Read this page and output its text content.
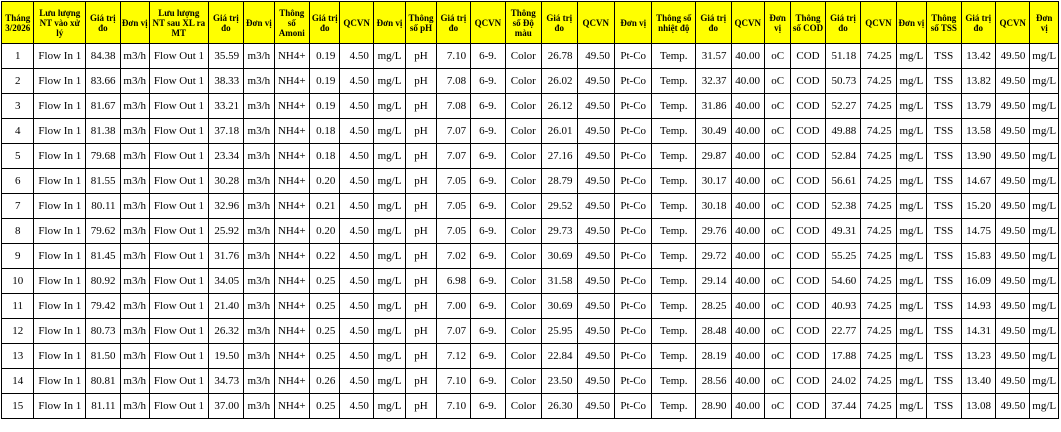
Tháng 3/2026	Lưu lượng NT vào xử lý	Giá trị đo	Đơn vị	Lưu lượng NT sau XL ra MT	Giá trị đo	Đơn vị	Thông số Amoni	Giá trị đo	QCVN	Đơn vị	Thông số pH	Giá trị đo	QCVN	Thông số Độ màu	Giá trị đo	QCVN	Đơn vị	Thông số nhiệt độ	Giá trị đo	QCVN	Đơn vị	Thông số COD	Giá trị đo	QCVN	Đơn vị	Thông số TSS	Giá trị đo	QCVN	Đơn vị
1	Flow In 1	84.38	m3/h	Flow Out 1	35.59	m3/h	NH4+	0.19	4.50	mg/L	pH	7.10	6-9.	Color	26.78	49.50	Pt-Co	Temp.	31.57	40.00	oC	COD	51.18	74.25	mg/L	TSS	13.42	49.50	mg/L
2	Flow In 1	83.66	m3/h	Flow Out 1	38.33	m3/h	NH4+	0.19	4.50	mg/L	pH	7.08	6-9.	Color	26.02	49.50	Pt-Co	Temp.	32.37	40.00	oC	COD	50.73	74.25	mg/L	TSS	13.82	49.50	mg/L
3	Flow In 1	81.67	m3/h	Flow Out 1	33.21	m3/h	NH4+	0.19	4.50	mg/L	pH	7.08	6-9.	Color	26.12	49.50	Pt-Co	Temp.	31.86	40.00	oC	COD	52.27	74.25	mg/L	TSS	13.79	49.50	mg/L
4	Flow In 1	81.38	m3/h	Flow Out 1	37.18	m3/h	NH4+	0.18	4.50	mg/L	pH	7.07	6-9.	Color	26.01	49.50	Pt-Co	Temp.	30.49	40.00	oC	COD	49.88	74.25	mg/L	TSS	13.58	49.50	mg/L
5	Flow In 1	79.68	m3/h	Flow Out 1	23.34	m3/h	NH4+	0.18	4.50	mg/L	pH	7.07	6-9.	Color	27.16	49.50	Pt-Co	Temp.	29.87	40.00	oC	COD	52.84	74.25	mg/L	TSS	13.90	49.50	mg/L
6	Flow In 1	81.55	m3/h	Flow Out 1	30.28	m3/h	NH4+	0.20	4.50	mg/L	pH	7.05	6-9.	Color	28.79	49.50	Pt-Co	Temp.	30.17	40.00	oC	COD	56.61	74.25	mg/L	TSS	14.67	49.50	mg/L
7	Flow In 1	80.11	m3/h	Flow Out 1	32.96	m3/h	NH4+	0.21	4.50	mg/L	pH	7.05	6-9.	Color	29.52	49.50	Pt-Co	Temp.	30.18	40.00	oC	COD	52.38	74.25	mg/L	TSS	15.20	49.50	mg/L
8	Flow In 1	79.62	m3/h	Flow Out 1	25.92	m3/h	NH4+	0.20	4.50	mg/L	pH	7.05	6-9.	Color	29.73	49.50	Pt-Co	Temp.	29.76	40.00	oC	COD	49.31	74.25	mg/L	TSS	14.75	49.50	mg/L
9	Flow In 1	81.45	m3/h	Flow Out 1	31.76	m3/h	NH4+	0.22	4.50	mg/L	pH	7.02	6-9.	Color	30.69	49.50	Pt-Co	Temp.	29.72	40.00	oC	COD	55.25	74.25	mg/L	TSS	15.83	49.50	mg/L
10	Flow In 1	80.92	m3/h	Flow Out 1	34.05	m3/h	NH4+	0.25	4.50	mg/L	pH	6.98	6-9.	Color	31.58	49.50	Pt-Co	Temp.	29.14	40.00	oC	COD	54.60	74.25	mg/L	TSS	16.09	49.50	mg/L
11	Flow In 1	79.42	m3/h	Flow Out 1	21.40	m3/h	NH4+	0.25	4.50	mg/L	pH	7.00	6-9.	Color	30.69	49.50	Pt-Co	Temp.	28.25	40.00	oC	COD	40.93	74.25	mg/L	TSS	14.93	49.50	mg/L
12	Flow In 1	80.73	m3/h	Flow Out 1	26.32	m3/h	NH4+	0.25	4.50	mg/L	pH	7.07	6-9.	Color	25.95	49.50	Pt-Co	Temp.	28.48	40.00	oC	COD	22.77	74.25	mg/L	TSS	14.31	49.50	mg/L
13	Flow In 1	81.50	m3/h	Flow Out 1	19.50	m3/h	NH4+	0.25	4.50	mg/L	pH	7.12	6-9.	Color	22.84	49.50	Pt-Co	Temp.	28.19	40.00	oC	COD	17.88	74.25	mg/L	TSS	13.23	49.50	mg/L
14	Flow In 1	80.81	m3/h	Flow Out 1	34.73	m3/h	NH4+	0.26	4.50	mg/L	pH	7.10	6-9.	Color	23.50	49.50	Pt-Co	Temp.	28.56	40.00	oC	COD	24.02	74.25	mg/L	TSS	13.40	49.50	mg/L
15	Flow In 1	81.11	m3/h	Flow Out 1	37.00	m3/h	NH4+	0.25	4.50	mg/L	pH	7.10	6-9.	Color	26.30	49.50	Pt-Co	Temp.	28.90	40.00	oC	COD	37.44	74.25	mg/L	TSS	13.08	49.50	mg/L
